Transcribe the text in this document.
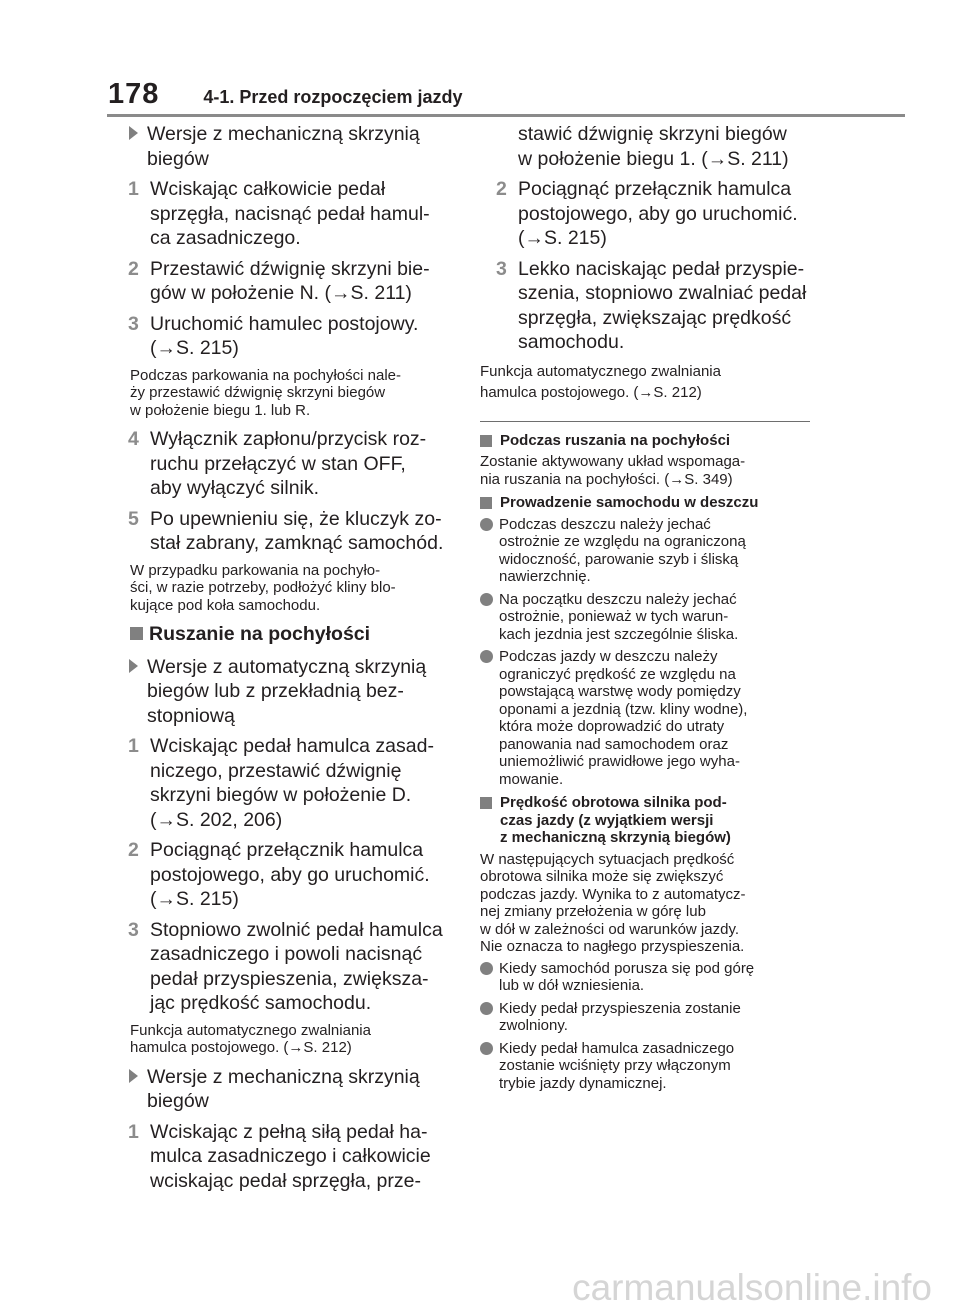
178 4-1. Przed rozpoczęciem jazdy
Wersje z mechaniczną skrzynią
biegów
1 Wciskając całkowicie pedał
sprzęgła, nacisnąć pedał hamul-
ca zasadniczego.
2 Przestawić dźwignię skrzyni bie-
gów w położenie N. (→S. 211)
3 Uruchomić hamulec postojowy.
(→S. 215)
Podczas parkowania na pochyłości nale-
ży przestawić dźwignię skrzyni biegów
w położenie biegu 1. lub R.
4 Wyłącznik zapłonu/przycisk roz-
ruchu przełączyć w stan OFF,
aby wyłączyć silnik.
5 Po upewnieniu się, że kluczyk zo-
stał zabrany, zamknąć samochód.
W przypadku parkowania na pochyło-
ści, w razie potrzeby, podłożyć kliny blo-
kujące pod koła samochodu.
Ruszanie na pochyłości
Wersje z automatyczną skrzynią
biegów lub z przekładnią bez-
stopniową
1 Wciskając pedał hamulca zasad-
niczego, przestawić dźwignię
skrzyni biegów w położenie D.
(→S. 202, 206)
2 Pociągnąć przełącznik hamulca
postojowego, aby go uruchomić.
(→S. 215)
3 Stopniowo zwolnić pedał hamulca
zasadniczego i powoli nacisnąć
pedał przyspieszenia, zwiększa-
jąc prędkość samochodu.
Funkcja automatycznego zwalniania
hamulca postojowego. (→S. 212)
Wersje z mechaniczną skrzynią
biegów
1 Wciskając z pełną siłą pedał ha-
mulca zasadniczego i całkowicie
wciskając pedał sprzęgła, prze-
stawić dźwignię skrzyni biegów
w położenie biegu 1. (→S. 211)
2 Pociągnąć przełącznik hamulca
postojowego, aby go uruchomić.
(→S. 215)
3 Lekko naciskając pedał przyspie-
szenia, stopniowo zwalniać pedał
sprzęgła, zwiększając prędkość
samochodu.
Funkcja automatycznego zwalniania
hamulca postojowego. (→S. 212)
Podczas ruszania na pochyłości
Zostanie aktywowany układ wspomaga-
nia ruszania na pochyłości. (→S. 349)
Prowadzenie samochodu w deszczu
Podczas deszczu należy jechać
ostrożnie ze względu na ograniczoną
widoczność, parowanie szyb i śliską
nawierzchnię.
Na początku deszczu należy jechać
ostrożnie, ponieważ w tych warun-
kach jezdnia jest szczególnie śliska.
Podczas jazdy w deszczu należy
ograniczyć prędkość ze względu na
powstającą warstwę wody pomiędzy
oponami a jezdnią (tzw. kliny wodne),
która może doprowadzić do utraty
panowania nad samochodem oraz
uniemożliwić prawidłowe jego wyha-
mowanie.
Prędkość obrotowa silnika pod-
czas jazdy (z wyjątkiem wersji
z mechaniczną skrzynią biegów)
W następujących sytuacjach prędkość
obrotowa silnika może się zwiększyć
podczas jazdy. Wynika to z automatycz-
nej zmiany przełożenia w górę lub
w dół w zależności od warunków jazdy.
Nie oznacza to nagłego przyspieszenia.
Kiedy samochód porusza się pod górę
lub w dół wzniesienia.
Kiedy pedał przyspieszenia zostanie
zwolniony.
Kiedy pedał hamulca zasadniczego
zostanie wciśnięty przy włączonym
trybie jazdy dynamicznej.
carmanualsonline.info
